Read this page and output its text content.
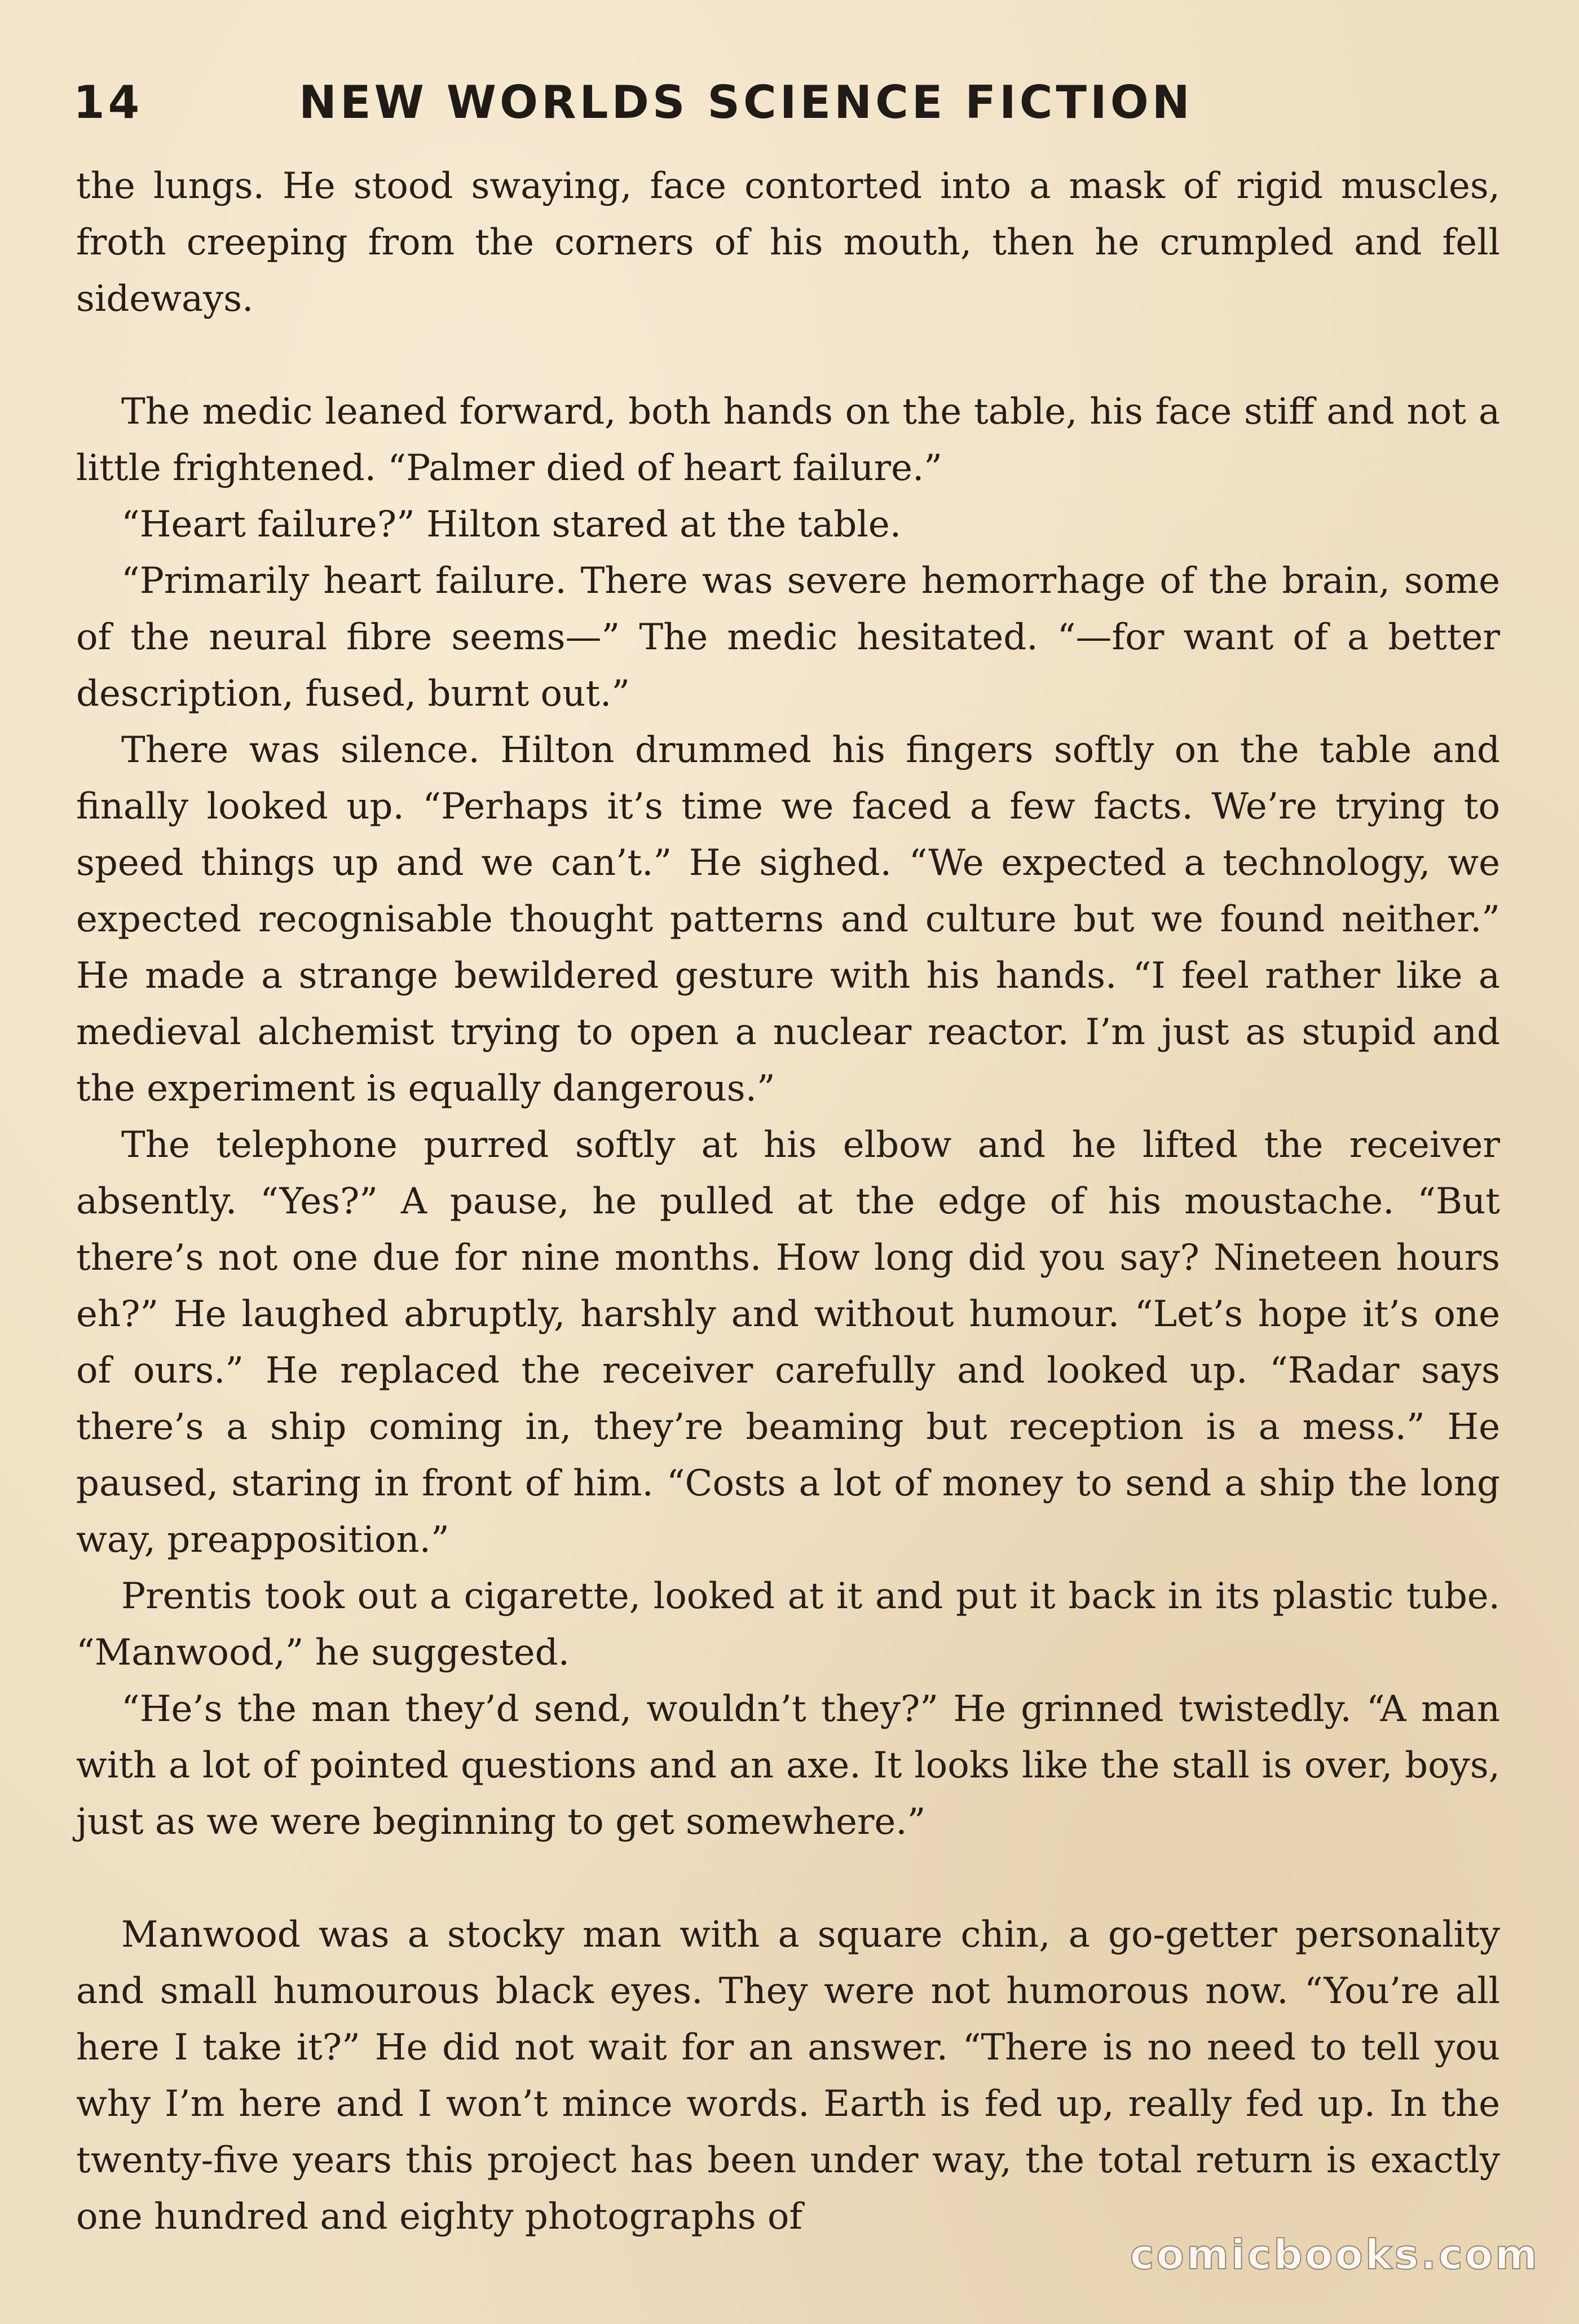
14	NEW WORLDS SCIENCE FICTION

the lungs. He stood swaying, face contorted into a mask of rigid muscles, froth creeping from the corners of his mouth, then he crumpled and fell sideways.

The medic leaned forward, both hands on the table, his face stiff and not a little frightened. “Palmer died of heart failure.”

“Heart failure?” Hilton stared at the table.

“Primarily heart failure. There was severe hemorrhage of the brain, some of the neural fibre seems—” The medic hesitated. “—for want of a better description, fused, burnt out.”

There was silence. Hilton drummed his fingers softly on the table and finally looked up. “Perhaps it’s time we faced a few facts. We’re trying to speed things up and we can’t.” He sighed. “We expected a technology, we expected recognisable thought patterns and culture but we found neither.” He made a strange bewildered gesture with his hands. “I feel rather like a medieval alchemist trying to open a nuclear reactor. I’m just as stupid and the experiment is equally dangerous.”

The telephone purred softly at his elbow and he lifted the receiver absently. “Yes?” A pause, he pulled at the edge of his moustache. “But there’s not one due for nine months. How long did you say? Nineteen hours eh?” He laughed abruptly, harshly and without humour. “Let’s hope it’s one of ours.” He replaced the receiver carefully and looked up. “Radar says there’s a ship coming in, they’re beaming but reception is a mess.” He paused, staring in front of him. “Costs a lot of money to send a ship the long way, preapposition.”

Prentis took out a cigarette, looked at it and put it back in its plastic tube. “Manwood,” he suggested.

“He’s the man they’d send, wouldn’t they?” He grinned twistedly. “A man with a lot of pointed questions and an axe. It looks like the stall is over, boys, just as we were beginning to get somewhere.”

Manwood was a stocky man with a square chin, a go-getter personality and small humourous black eyes. They were not humorous now. “You’re all here I take it?” He did not wait for an answer. “There is no need to tell you why I’m here and I won’t mince words. Earth is fed up, really fed up. In the twenty-five years this project has been under way, the total return is exactly one hundred and eighty photographs of

comicbooks.com
